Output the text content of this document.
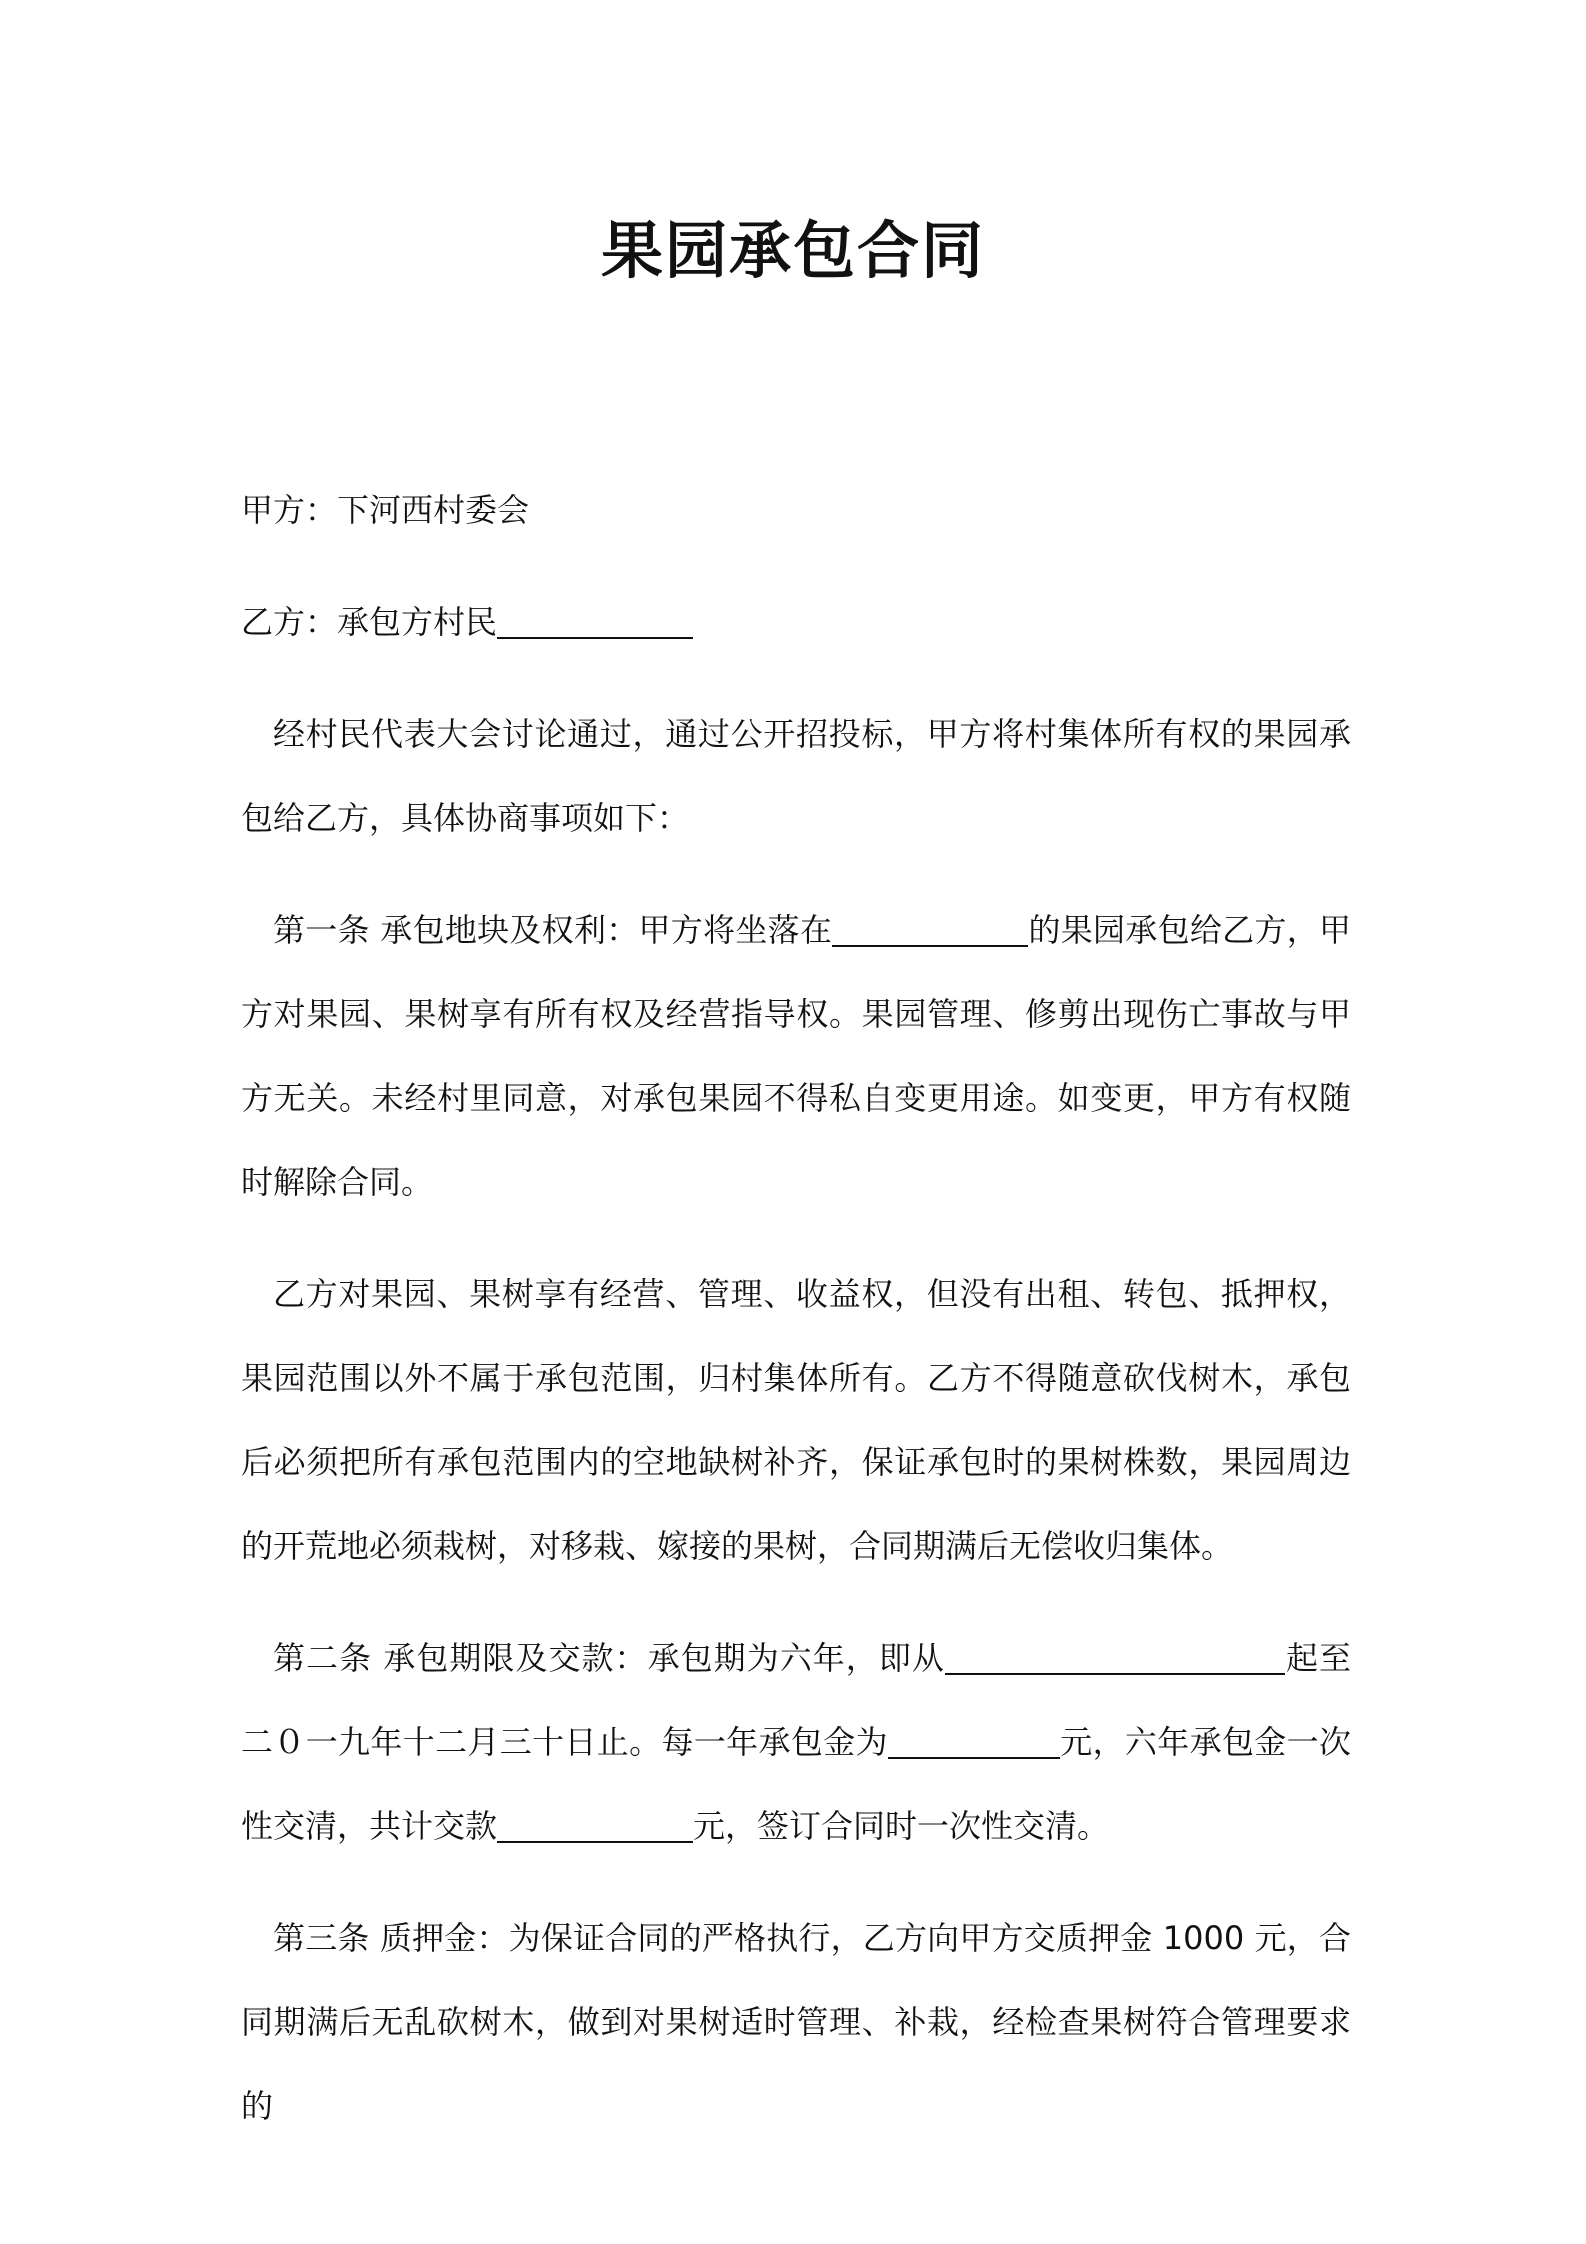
果园承包合同

甲方：下河西村委会

乙方：承包方村民

经村民代表大会讨论通过，通过公开招投标，甲方将村集体所有权的果园承包给乙方，具体协商事项如下：

第一条 承包地块及权利：甲方将坐落在	的果园承包给乙方，甲方对果园、果树享有所有权及经营指导权。果园管理、修剪出现伤亡事故与甲方无关。未经村里同意，对承包果园不得私自变更用途。如变更，甲方有权随时解除合同。

乙方对果园、果树享有经营、管理、收益权，但没有出租、转包、抵押权，果园范围以外不属于承包范围，归村集体所有。乙方不得随意砍伐树木，承包后必须把所有承包范围内的空地缺树补齐，保证承包时的果树株数，果园周边的开荒地必须栽树，对移栽、嫁接的果树，合同期满后无偿收归集体。

第二条 承包期限及交款：承包期为六年，即从	起至二０一九年十二月三十日止。每一年承包金为	元，六年承包金一次性交清，共计交款	元，签订合同时一次性交清。

第三条 质押金：为保证合同的严格执行，乙方向甲方交质押金 1000 元，合同期满后无乱砍树木，做到对果树适时管理、补栽，经检查果树符合管理要求的
